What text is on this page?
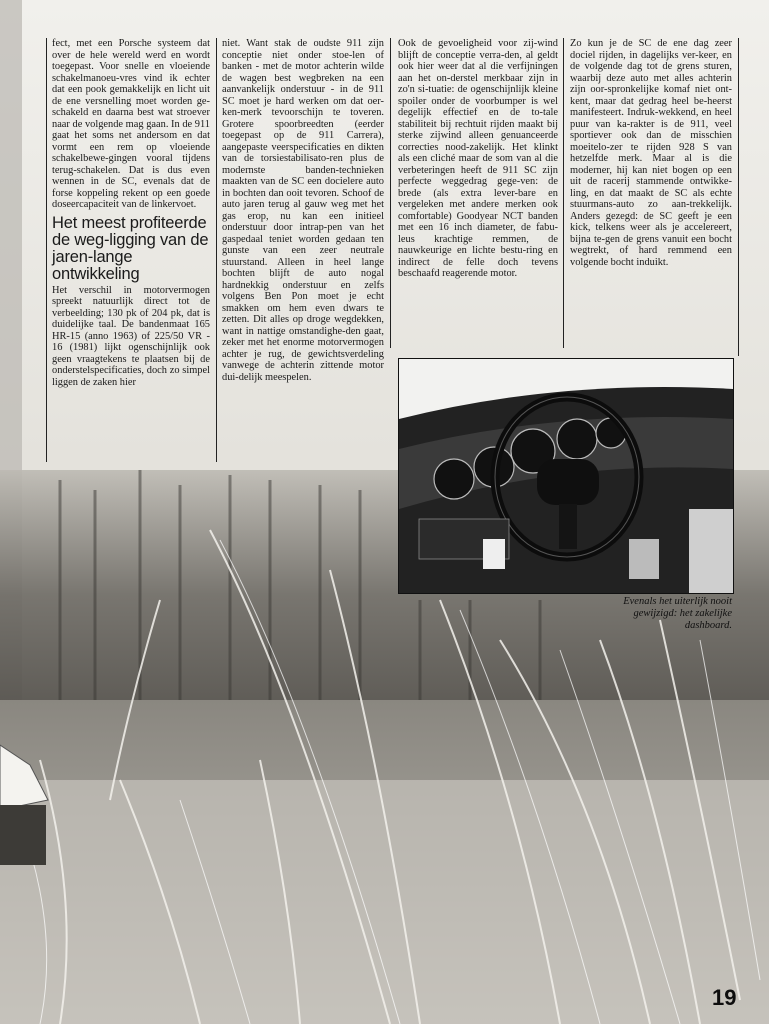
fect, met een Porsche systeem dat over de hele wereld werd en wordt toegepast. Voor snelle en vloeiende schakelmanoeu-vres vind ik echter dat een pook gemakkelijk en licht uit de ene versnelling moet worden ge-schakeld en daarna best wat stroever naar de volgende mag gaan. In de 911 gaat het soms net andersom en dat vormt een rem op vloeiende schakelbewe-gingen vooral tijdens terug-schakelen. Dat is dus even wennen in de SC, evenals dat de forse koppeling rekent op een goede doseercapaciteit van de linkervoet.

Het meest profiteerde de weg-ligging van de jaren-lange ontwikkeling

Het verschil in motorvermogen spreekt natuurlijk direct tot de verbeelding; 130 pk of 204 pk, dat is duidelijke taal. De bandenmaat 165 HR-15 (anno 1963) of 225/50 VR - 16 (1981) lijkt ogenschijnlijk ook geen vraagtekens te plaatsen bij de onderstelspecificaties, doch zo simpel liggen de zaken hier

niet. Want stak de oudste 911 zijn conceptie niet onder stoe-len of banken - met de motor achterin wilde de wagen best wegbreken na een aanvankelijk onderstuur - in de 911 SC moet je hard werken om dat oer-ken-merk tevoorschijn te toveren. Grotere spoorbreedten (eerder toegepast op de 911 Carrera), aangepaste veerspecificaties en dikten van de torsiestabilisato-ren plus de modernste banden-technieken maakten van de SC een docielere auto in bochten dan ooit tevoren. Schoof de auto jaren terug al gauw weg met het gas erop, nu kan een initieel onderstuur door intrap-pen van het gaspedaal teniet worden gedaan ten gunste van een zeer neutrale stuurstand. Alleen in heel lange bochten blijft de auto nogal hardnekkig onderstuur en zelfs volgens Ben Pon moet je echt smakken om hem even dwars te zetten. Dit alles op droge wegdekken, want in nattige omstandighe-den gaat, zeker met het enorme motorvermogen achter je rug, de gewichtsverdeling vanwege de achterin zittende motor dui-delijk meespelen.

Ook de gevoeligheid voor zij-wind blijft de conceptie verra-den, al geldt ook hier weer dat al die verfijningen aan het on-derstel merkbaar zijn in zo'n si-tuatie: de ogenschijnlijk kleine spoiler onder de voorbumper is wel degelijk effectief en de to-tale stabiliteit bij rechtuit rijden maakt bij sterke zijwind alleen genuanceerde correcties nood-zakelijk. Het klinkt als een cliché maar de som van al die verbeteringen heeft de 911 SC zijn perfecte weggedrag gege-ven: de brede (als extra lever-bare en vergeleken met andere merken ook comfortable) Goodyear NCT banden met een 16 inch diameter, de fabu-leus krachtige remmen, de nauwkeurige en lichte bestu-ring en indirect de felle doch tevens beschaafd reagerende motor.

Zo kun je de SC de ene dag zeer dociel rijden, in dagelijks ver-keer, en de volgende dag tot de grens sturen, waarbij deze auto met alles achterin zijn oor-spronkelijke komaf niet ont-kent, maar dat gedrag heel be-heerst manifesteert. Indruk-wekkend, en heel puur van ka-rakter is de 911, veel sportiever ook dan de misschien moeitelo-zer te rijden 928 S van hetzelfde merk. Maar al is die moderner, hij kan niet bogen op een uit de racerij stammende ontwikke-ling, en dat maakt de SC als echte stuurmans-auto zo aan-trekkelijk. Anders gezegd: de SC geeft je een kick, telkens weer als je accelereert, bijna te-gen de grens vanuit een bocht wegtrekt, of hard remmend een volgende bocht induikt.

Evenals het uiterlijk nooit gewijzigd: het zakelijke dashboard.
19
